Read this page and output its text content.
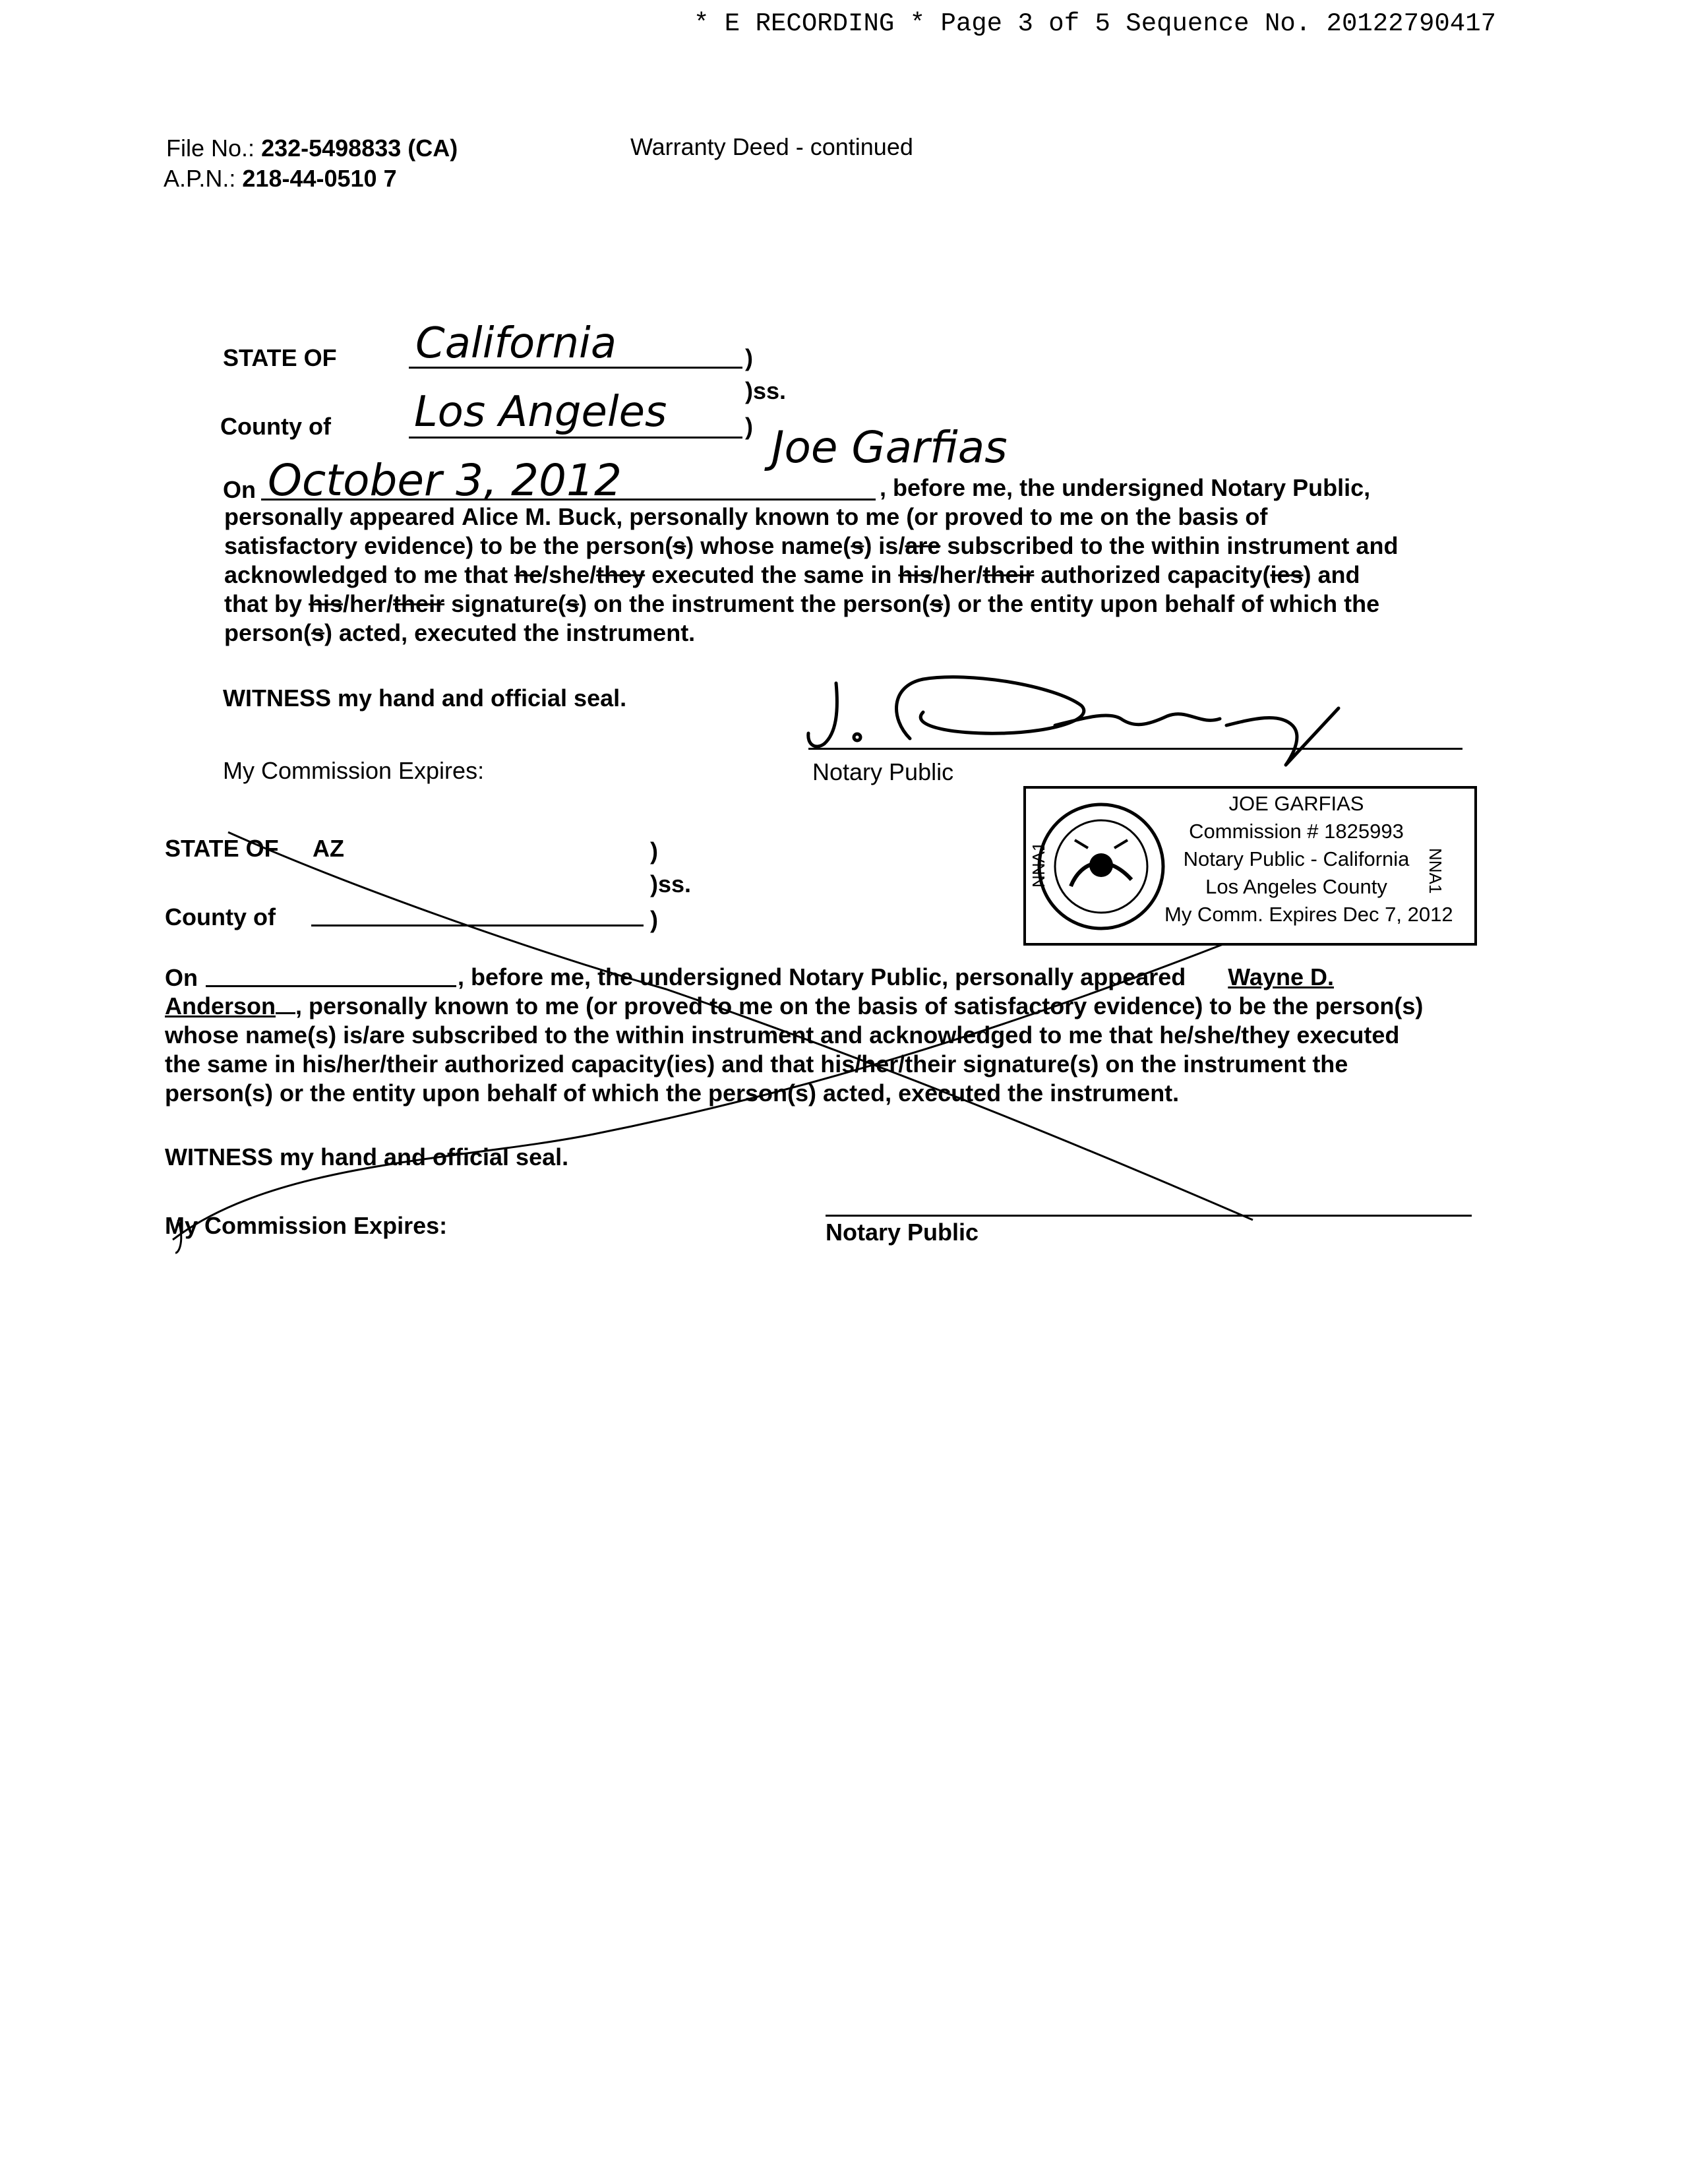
* E RECORDING * Page 3 of 5 Sequence No. 20122790417
File No.: 232-5498833 (CA)
A.P.N.: 218-44-0510 7
Warranty Deed - continued
STATE OF California	)
)ss.
County of Los Angeles	) Joe Garfias
On October 3, 2012	, before me, the undersigned Notary Public,

personally appeared Alice M. Buck, personally known to me (or proved to me on the basis of

satisfactory evidence) to be the person(s) whose name(s) is/are subscribed to the within instrument and

acknowledged to me that he/she/they executed the same in his/her/their authorized capacity(ies) and

that by his/her/their signature(s) on the instrument the person(s) or the entity upon behalf of which the

person(s) acted, executed the instrument.

WITNESS my hand and official seal.
My Commission Expires:	Notary Public
NNA1	NNA1
JOE GARFIAS
Commission # 1825993
Notary Public - California
Los Angeles County
My Comm. Expires Dec 7, 2012
STATE OF AZ	)
)ss.
County of	)
On	, before me, the undersigned Notary Public, personally appeared Wayne D.

Anderson , personally known to me (or proved to me on the basis of satisfactory evidence) to be the person(s)

whose name(s) is/are subscribed to the within instrument and acknowledged to me that he/she/they executed

the same in his/her/their authorized capacity(ies) and that his/her/their signature(s) on the instrument the

person(s) or the entity upon behalf of which the person(s) acted, executed the instrument.

WITNESS my hand and official seal.
My Commission Expires:	Notary Public
